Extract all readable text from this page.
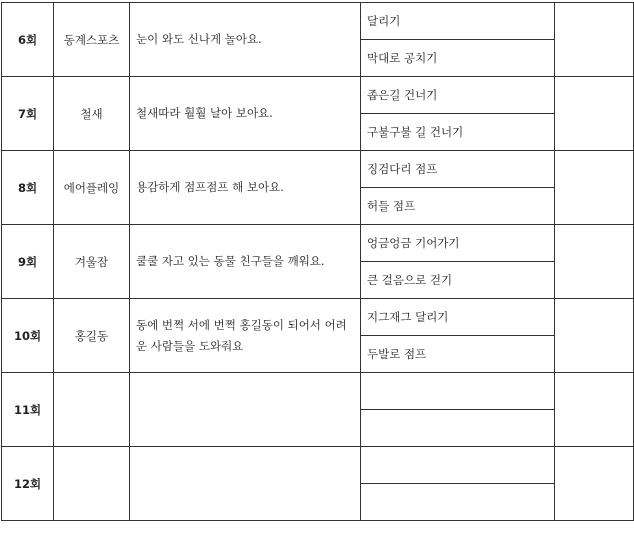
6회	동계스포츠	눈이 와도 신나게 놀아요.	달리기	
			막대로 공치기	
7회	철새	철새따라 훨훨 날아 보아요.	좁은길 건너기	
			구불구불 길 건너기	
8회	에어플레잉	용감하게 점프점프 해 보아요.	징검다리 점프	
			허들 점프	
9회	겨울잠	쿨쿨 자고 있는 동물 친구들을 깨워요.	엉금엉금 기어가기	
			큰 걸음으로 걷기	
10회	홍길동	동에 번쩍 서에 번쩍 홍길동이 되어서 어려운 사람들을 도와줘요	지그재그 달리기	
			두발로 점프	
11회				

12회				
